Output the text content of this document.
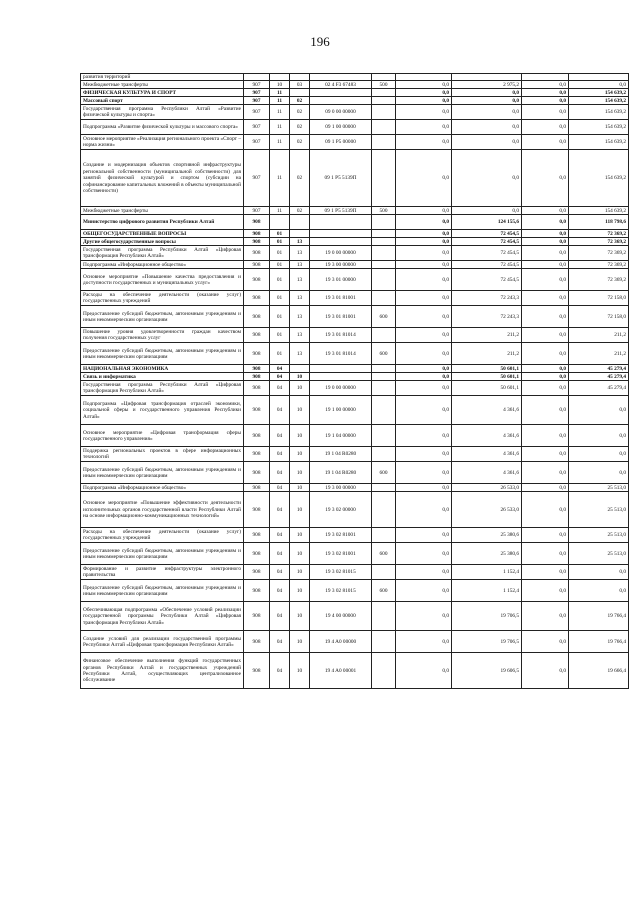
196
развития территорий									
Межбюджетные трансферты	907	10	03	02 4 F3 67483	500	0,0	2 975,2	0,0	0,0
ФИЗИЧЕСКАЯ КУЛЬТУРА И СПОРТ	907	11				0,0	0,0	0,0	154 639,2
Массовый спорт	907	11	02			0,0	0,0	0,0	154 639,2
Государственная программа Республики Алтай «Развитие физической культуры и спорта»	907	11	02	09 0 00 00000		0,0	0,0	0,0	154 639,2
Подпрограмма «Развитие физической культуры и массового спорта»	907	11	02	09 1 00 00000		0,0	0,0	0,0	154 639,2
Основное мероприятие «Реализация регионального проекта «Спорт – норма жизни»	907	11	02	09 1 P5 00000		0,0	0,0	0,0	154 639,2
Создание и модернизация объектов спортивной инфраструктуры региональной собственности (муниципальной собственности) для занятий физической культурой и спортом (субсидии на софинансирование капитальных вложений в объекты муниципальной собственности)	907	11	02	09 1 P5 5139П		0,0	0,0	0,0	154 639,2
Межбюджетные трансферты	907	11	02	09 1 P5 5139П	500	0,0	0,0	0,0	154 639,2
Министерство цифрового развития Республики Алтай	908					0,0	124 155,6	0,0	118 798,6
ОБЩЕГОСУДАРСТВЕННЫЕ ВОПРОСЫ	908	01				0,0	72 454,5	0,0	72 369,2
Другие общегосударственные вопросы	908	01	13			0,0	72 454,5	0,0	72 369,2
Государственная программа Республики Алтай «Цифровая трансформация Республики Алтай»	908	01	13	19 0 00 00000		0,0	72 454,5	0,0	72 369,2
Подпрограмма «Информационное общество»	908	01	13	19 3 00 00000		0,0	72 454,5	0,0	72 369,2
Основное мероприятие «Повышение качества предоставления и доступности государственных и муниципальных услуг»	908	01	13	19 3 01 00000		0,0	72 454,5	0,0	72 369,2
Расходы на обеспечение деятельности (оказание услуг) государственных учреждений	908	01	13	19 3 01 81001		0,0	72 243,3	0,0	72 158,0
Предоставление субсидий бюджетным, автономным учреждениям и иным некоммерческим организациям	908	01	13	19 3 01 81001	600	0,0	72 243,3	0,0	72 158,0
Повышение уровня удовлетворенности граждан качеством получения государственных услуг	908	01	13	19 3 01 81014		0,0	211,2	0,0	211,2
Предоставление субсидий бюджетным, автономным учреждениям и иным некоммерческим организациям	908	01	13	19 3 01 81014	600	0,0	211,2	0,0	211,2
НАЦИОНАЛЬНАЯ ЭКОНОМИКА	908	04				0,0	50 601,1	0,0	45 279,4
Связь и информатика	908	04	10			0,0	50 601,1	0,0	45 279,4
Государственная программа Республики Алтай «Цифровая трансформация Республики Алтай»	908	04	10	19 0 00 00000		0,0	50 601,1	0,0	45 279,4
Подпрограмма «Цифровая трансформация отраслей экономики, социальной сферы и государственного управления Республики Алтай»	908	04	10	19 1 00 00000		0,0	4 361,6	0,0	0,0
Основное мероприятие «Цифровая трансформация сферы государственного управления»	908	04	10	19 1 04 00000		0,0	4 361,6	0,0	0,0
Поддержка региональных проектов в сфере информационных технологий	908	04	10	19 1 04 R0280		0,0	4 361,6	0,0	0,0
Предоставление субсидий бюджетным, автономным учреждениям и иным некоммерческим организациям	908	04	10	19 1 04 R0280	600	0,0	4 361,6	0,0	0,0
Подпрограмма «Информационное общество»	908	04	10	19 3 00 00000		0,0	26 533,0	0,0	25 513,0
Основное мероприятие «Повышение эффективности деятельности исполнительных органов государственной власти Республики Алтай на основе информационно-коммуникационных технологий»	908	04	10	19 3 02 00000		0,0	26 533,0	0,0	25 513,0
Расходы на обеспечение деятельности (оказание услуг) государственных учреждений	908	04	10	19 3 02 81001		0,0	25 380,6	0,0	25 513,0
Предоставление субсидий бюджетным, автономным учреждениям и иным некоммерческим организациям	908	04	10	19 3 02 81001	600	0,0	25 380,6	0,0	25 513,0
Формирование и развитие инфраструктуры электронного правительства	908	04	10	19 3 02 81015		0,0	1 152,4	0,0	0,0
Предоставление субсидий бюджетным, автономным учреждениям и иным некоммерческим организациям	908	04	10	19 3 02 81015	600	0,0	1 152,4	0,0	0,0
Обеспечивающая подпрограмма «Обеспечение условий реализации государственной программы Республики Алтай «Цифровая трансформация Республики Алтай»	908	04	10	19 4 00 00000		0,0	19 706,5	0,0	19 766,4
Создание условий для реализации государственной программы Республики Алтай «Цифровая трансформация Республики Алтай»	908	04	10	19 4 A0 00000		0,0	19 706,5	0,0	19 766,4
Финансовое обеспечение выполнения функций государственных органов Республики Алтай и государственных учреждений Республики Алтай, осуществляющих централизованное обслуживание	908	04	10	19 4 A0 00001		0,0	19 606,5	0,0	19 666,4
